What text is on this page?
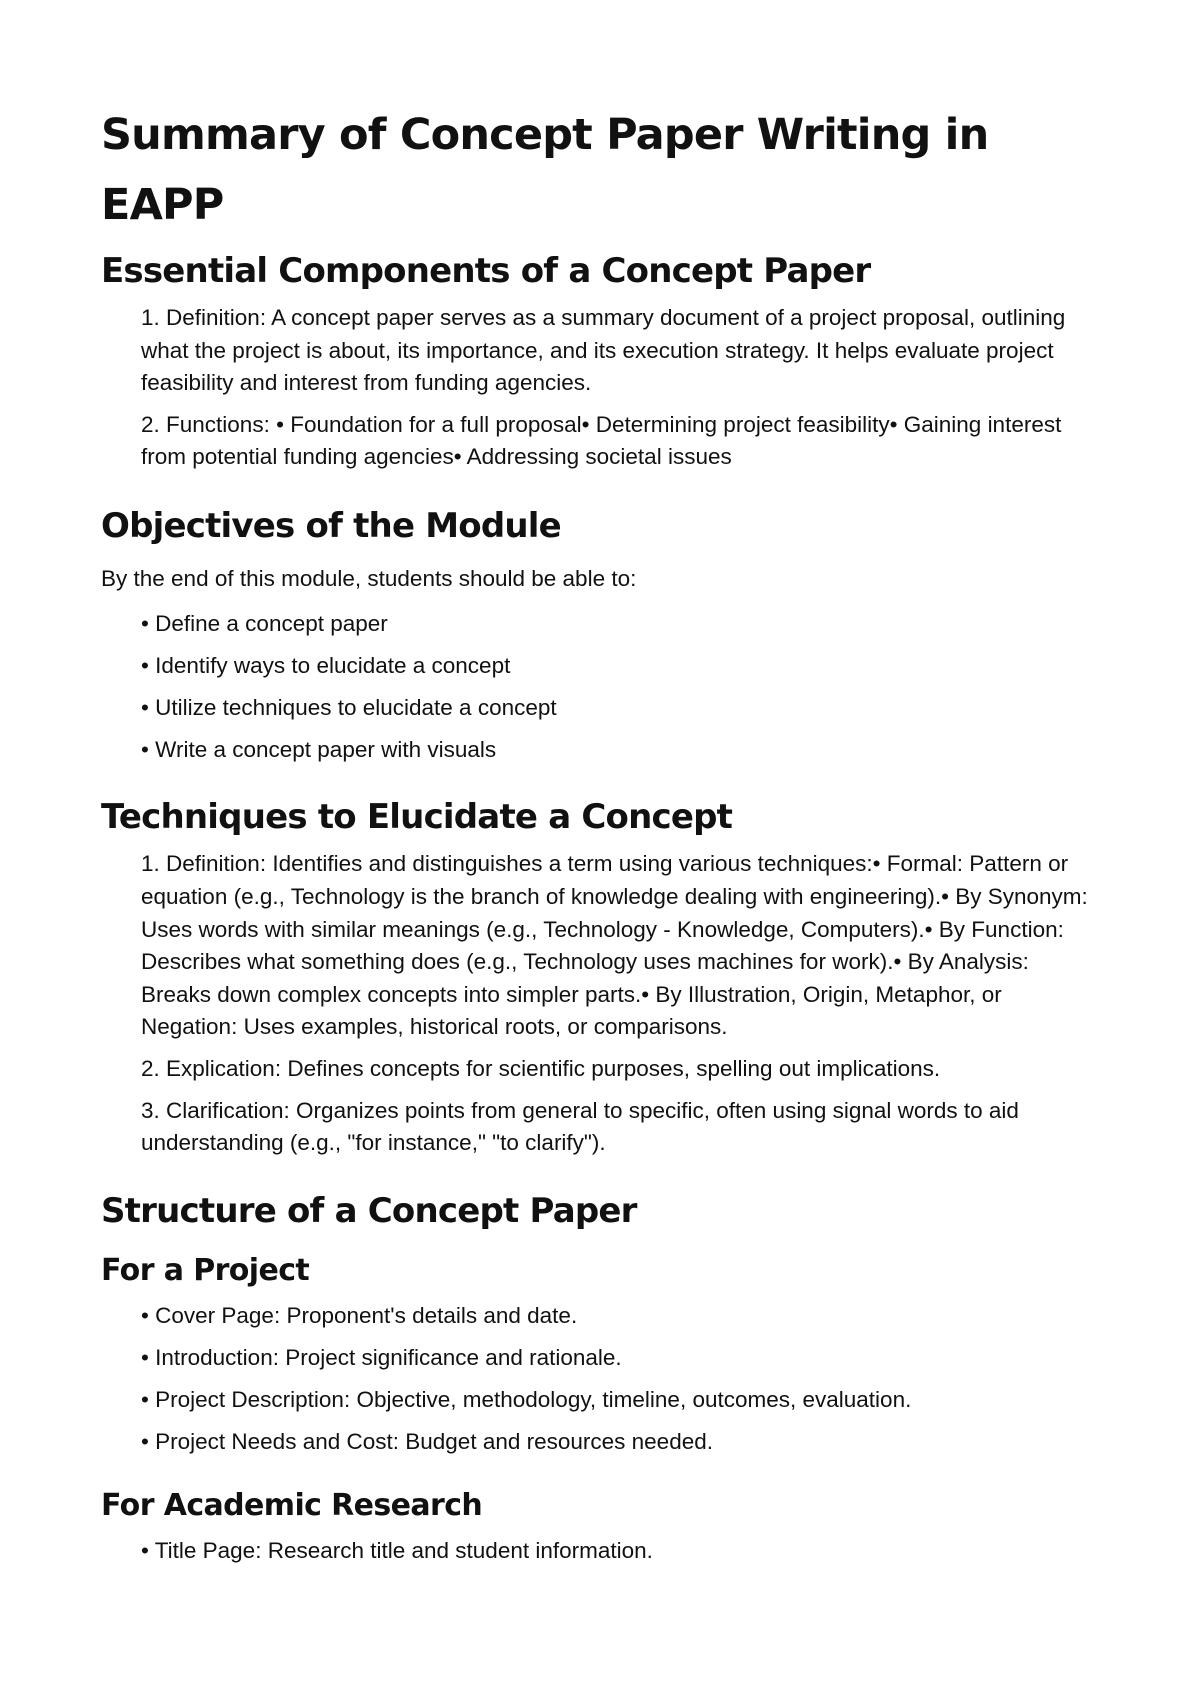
Summary of Concept Paper Writing in EAPP
Essential Components of a Concept Paper
1. Definition: A concept paper serves as a summary document of a project proposal, outlining what the project is about, its importance, and its execution strategy. It helps evaluate project feasibility and interest from funding agencies.
2. Functions: • Foundation for a full proposal• Determining project feasibility• Gaining interest from potential funding agencies• Addressing societal issues
Objectives of the Module

By the end of this module, students should be able to:

• Define a concept paper
• Identify ways to elucidate a concept
• Utilize techniques to elucidate a concept
• Write a concept paper with visuals
Techniques to Elucidate a Concept
1. Definition: Identifies and distinguishes a term using various techniques:• Formal: Pattern or equation (e.g., Technology is the branch of knowledge dealing with engineering).• By Synonym: Uses words with similar meanings (e.g., Technology - Knowledge, Computers).• By Function: Describes what something does (e.g., Technology uses machines for work).• By Analysis: Breaks down complex concepts into simpler parts.• By Illustration, Origin, Metaphor, or Negation: Uses examples, historical roots, or comparisons.
2. Explication: Defines concepts for scientific purposes, spelling out implications.
3. Clarification: Organizes points from general to specific, often using signal words to aid understanding (e.g., "for instance," "to clarify").
Structure of a Concept Paper
For a Project
• Cover Page: Proponent's details and date.
• Introduction: Project significance and rationale.
• Project Description: Objective, methodology, timeline, outcomes, evaluation.
• Project Needs and Cost: Budget and resources needed.
For Academic Research
• Title Page: Research title and student information.
